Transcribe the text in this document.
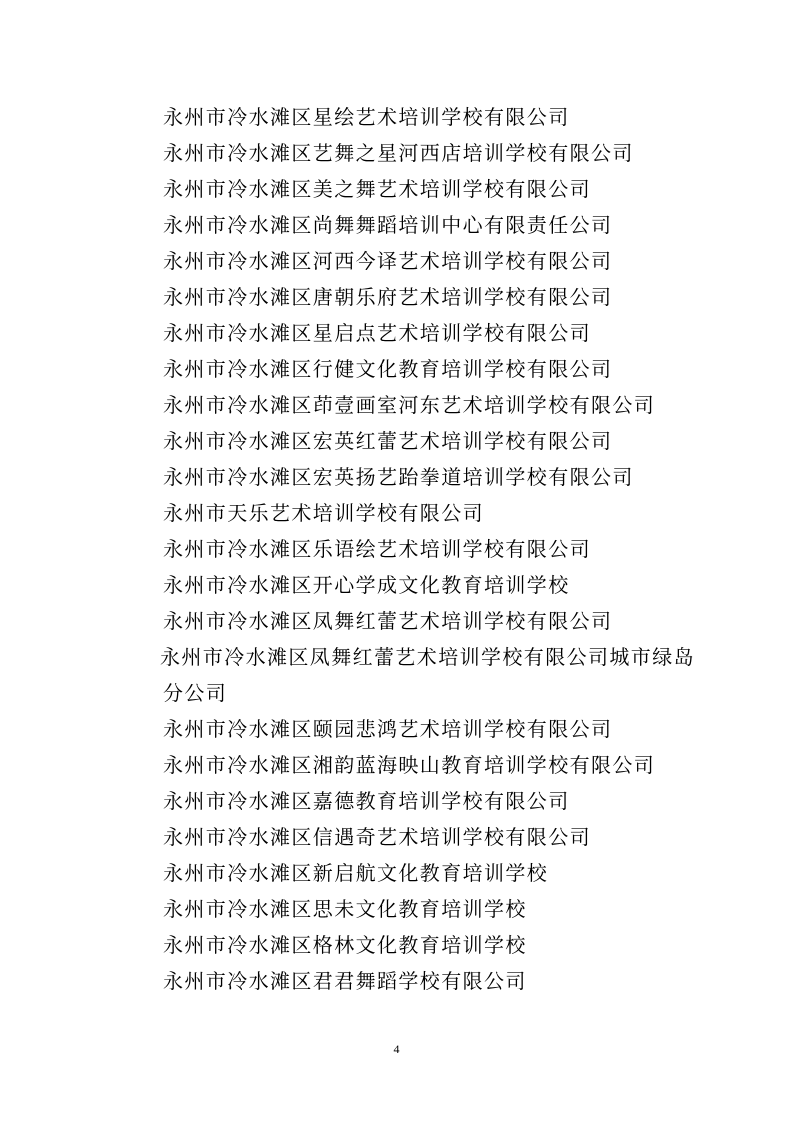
永州市冷水滩区星绘艺术培训学校有限公司
永州市冷水滩区艺舞之星河西店培训学校有限公司
永州市冷水滩区美之舞艺术培训学校有限公司
永州市冷水滩区尚舞舞蹈培训中心有限责任公司
永州市冷水滩区河西今译艺术培训学校有限公司
永州市冷水滩区唐朝乐府艺术培训学校有限公司
永州市冷水滩区星启点艺术培训学校有限公司
永州市冷水滩区行健文化教育培训学校有限公司
永州市冷水滩区茚壹画室河东艺术培训学校有限公司
永州市冷水滩区宏英红蕾艺术培训学校有限公司
永州市冷水滩区宏英扬艺跆拳道培训学校有限公司
永州市天乐艺术培训学校有限公司
永州市冷水滩区乐语绘艺术培训学校有限公司
永州市冷水滩区开心学成文化教育培训学校
永州市冷水滩区凤舞红蕾艺术培训学校有限公司
永州市冷水滩区凤舞红蕾艺术培训学校有限公司城市绿岛分公司
永州市冷水滩区颐园悲鸿艺术培训学校有限公司
永州市冷水滩区湘韵蓝海映山教育培训学校有限公司
永州市冷水滩区嘉德教育培训学校有限公司
永州市冷水滩区信遇奇艺术培训学校有限公司
永州市冷水滩区新启航文化教育培训学校
永州市冷水滩区思未文化教育培训学校
永州市冷水滩区格林文化教育培训学校
永州市冷水滩区君君舞蹈学校有限公司
4
